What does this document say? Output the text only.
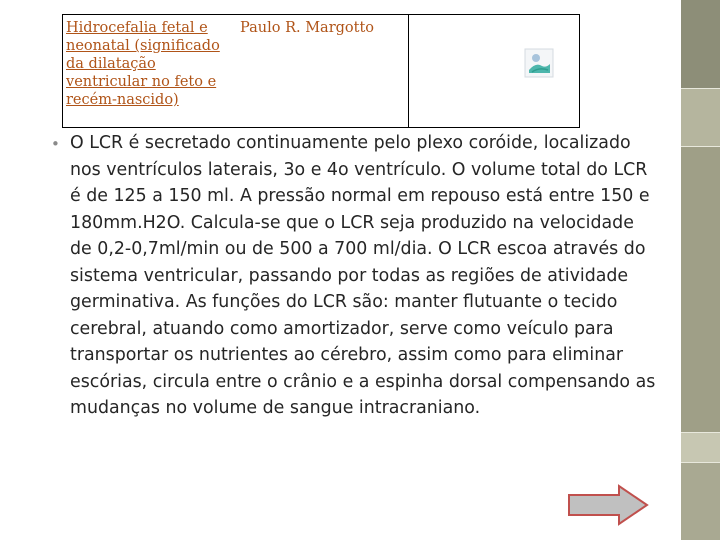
Hidrocefalia fetal e neonatal (significado da dilatação ventricular no feto e recém-nascido)
Paulo R. Margotto
• O LCR é secretado continuamente pelo plexo coróide, localizado nos ventrículos laterais, 3o e 4o ventrículo. O volume total do LCR é de 125 a 150 ml. A pressão normal em repouso está entre 150 e 180mm.H2O. Calcula-se que o LCR seja produzido na velocidade de 0,2-0,7ml/min ou de 500 a 700 ml/dia. O LCR escoa através do sistema ventricular, passando por todas as regiões de atividade germinativa. As funções do LCR são: manter flutuante o tecido cerebral, atuando como amortizador, serve como veículo para transportar os nutrientes ao cérebro, assim como para eliminar escórias, circula entre o crânio e a espinha dorsal compensando as mudanças no volume de sangue intracraniano.
